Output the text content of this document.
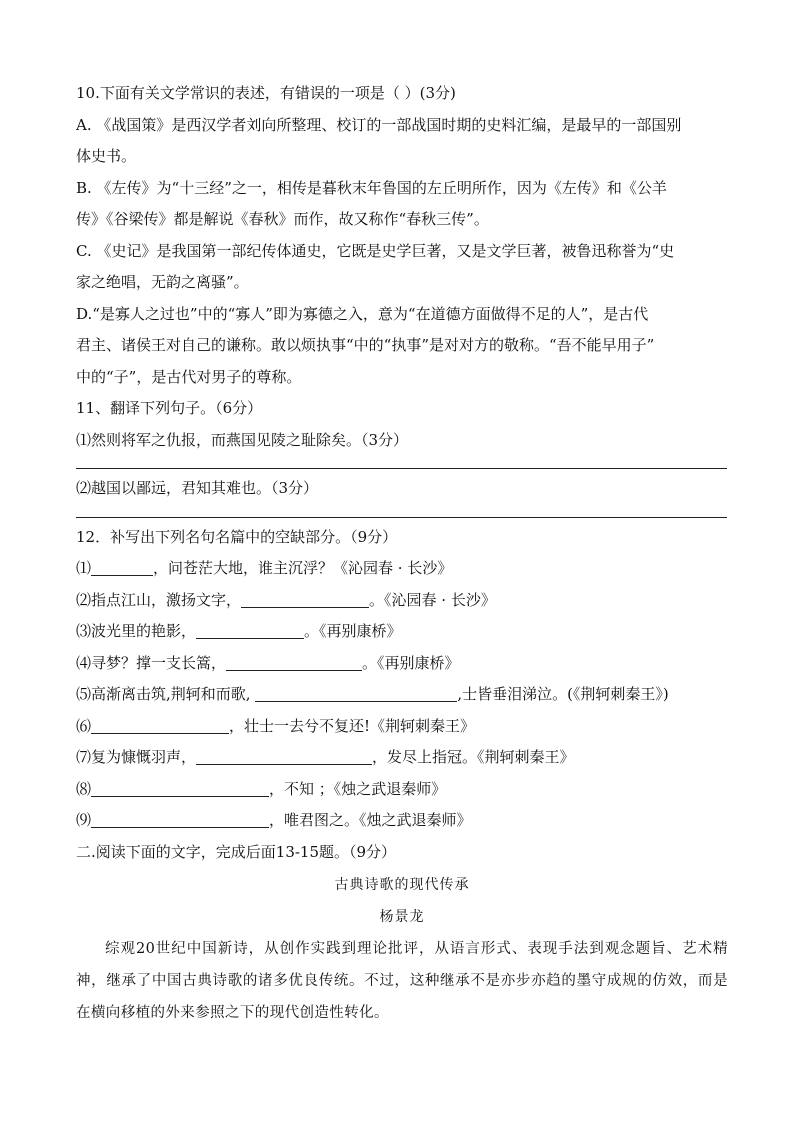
10.下面有关文学常识的表述，有错误的一项是（ ）(3分)
A. 《战国策》是西汉学者刘向所整理、校订的一部战国时期的史料汇编，是最早的一部国别
体史书。
B. 《左传》为“十三经”之一，相传是暮秋末年鲁国的左丘明所作，因为《左传》和《公羊
传》《谷梁传》都是解说《春秋》而作，故又称作“春秋三传”。
C. 《史记》是我国第一部纪传体通史，它既是史学巨著，又是文学巨著，被鲁迅称誉为“史
家之绝唱，无韵之离骚”。
D.“是寡人之过也”中的“寡人”即为寡德之入，意为“在道德方面做得不足的人”，是古代
君主、诸侯王对自己的谦称。敢以烦执事“中的“执事”是对对方的敬称。“吾不能早用子”
中的“子”，是古代对男子的尊称。
11、翻译下列句子。（6分）
⑴然则将军之仇报，而燕国见陵之耻除矣。（3分）
⑵越国以鄙远，君知其难也。（3分）
12．补写出下列名句名篇中的空缺部分。（9分）
⑴	，问苍茫大地，谁主沉浮？《沁园春 · 长沙》
⑵指点江山，激扬文字，	。《沁园春 · 长沙》
⑶波光里的艳影，	。《再别康桥》
⑷寻梦？撑一支长篙，	。《再别康桥》
⑸高渐离击筑,荆轲和而歌,	,士皆垂泪涕泣。(《荆轲刺秦王》)
⑹	，壮士一去兮不复还!《荆轲刺秦王》
⑺复为慷慨羽声，	，发尽上指冠。《荆轲刺秦王》
⑻	，不知 ；《烛之武退秦师》
⑼	，唯君图之。《烛之武退秦师》
二.阅读下面的文字，完成后面13-15题。（9分）
古典诗歌的现代传承
杨景龙
综观20世纪中国新诗，从创作实践到理论批评，从语言形式、表现手法到观念题旨、艺术精神，继承了中国古典诗歌的诸多优良传统。不过，这种继承不是亦步亦趋的墨守成规的仿效，而是在横向移植的外来参照之下的现代创造性转化。
